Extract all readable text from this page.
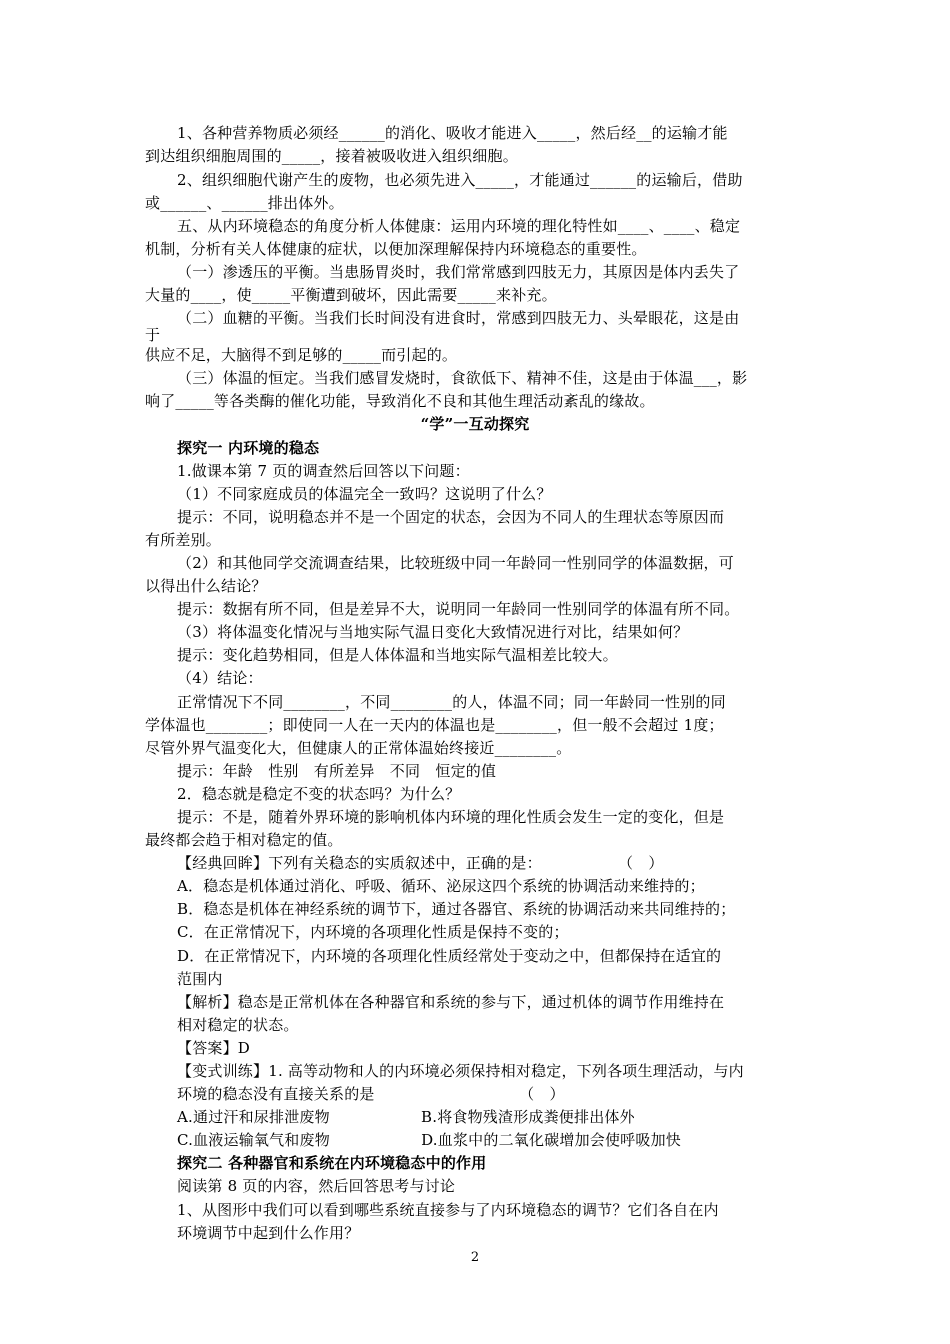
1、各种营养物质必须经______的消化、吸收才能进入_____，然后经__的运输才能
到达组织细胞周围的_____，接着被吸收进入组织细胞。
2、组织细胞代谢产生的废物，也必须先进入_____，才能通过______的运输后，借助
或______、______排出体外。
五、从内环境稳态的角度分析人体健康：运用内环境的理化特性如____、____、稳定
机制，分析有关人体健康的症状，以便加深理解保持内环境稳态的重要性。
（一）渗透压的平衡。当患肠胃炎时，我们常常感到四肢无力，其原因是体内丢失了
大量的____，使_____平衡遭到破坏，因此需要_____来补充。
（二）血糖的平衡。当我们长时间没有进食时，常感到四肢无力、头晕眼花，这是由
于
供应不足，大脑得不到足够的_____而引起的。
（三）体温的恒定。当我们感冒发烧时，食欲低下、精神不佳，这是由于体温___，影
响了_____等各类酶的催化功能，导致消化不良和其他生理活动紊乱的缘故。
“学”一互动探究
探究一 内环境的稳态
1.做课本第 7 页的调查然后回答以下问题：
（1）不同家庭成员的体温完全一致吗？这说明了什么？
提示：不同，说明稳态并不是一个固定的状态，会因为不同人的生理状态等原因而
有所差别。
（2）和其他同学交流调查结果，比较班级中同一年龄同一性别同学的体温数据，可
以得出什么结论？
提示：数据有所不同，但是差异不大，说明同一年龄同一性别同学的体温有所不同。
（3）将体温变化情况与当地实际气温日变化大致情况进行对比，结果如何？
提示：变化趋势相同，但是人体体温和当地实际气温相差比较大。
（4）结论：
正常情况下不同________，不同________的人，体温不同；同一年龄同一性别的同
学体温也________；即使同一人在一天内的体温也是________，但一般不会超过 1度；
尽管外界气温变化大，但健康人的正常体温始终接近________。
提示：年龄　性别　有所差异　不同　恒定的值
2．稳态就是稳定不变的状态吗？为什么？
提示：不是，随着外界环境的影响机体内环境的理化性质会发生一定的变化，但是
最终都会趋于相对稳定的值。
【经典回眸】下列有关稳态的实质叙述中，正确的是：　　　　　　（　）
A．稳态是机体通过消化、呼吸、循环、泌尿这四个系统的协调活动来维持的；
B．稳态是机体在神经系统的调节下，通过各器官、系统的协调活动来共同维持的；
C．在正常情况下，内环境的各项理化性质是保持不变的；
D．在正常情况下，内环境的各项理化性质经常处于变动之中，但都保持在适宜的
范围内
【解析】稳态是正常机体在各种器官和系统的参与下，通过机体的调节作用维持在
相对稳定的状态。
【答案】D
【变式训练】1. 高等动物和人的内环境必须保持相对稳定，下列各项生理活动，与内
环境的稳态没有直接关系的是　　　　　　　　　　（　）
A.通过汗和尿排泄废物　　　　　　B.将食物残渣形成粪便排出体外
C.血液运输氧气和废物　　　　　　D.血浆中的二氧化碳增加会使呼吸加快
探究二 各种器官和系统在内环境稳态中的作用
阅读第 8 页的内容，然后回答思考与讨论
1、从图形中我们可以看到哪些系统直接参与了内环境稳态的调节？它们各自在内
环境调节中起到什么作用？
2
